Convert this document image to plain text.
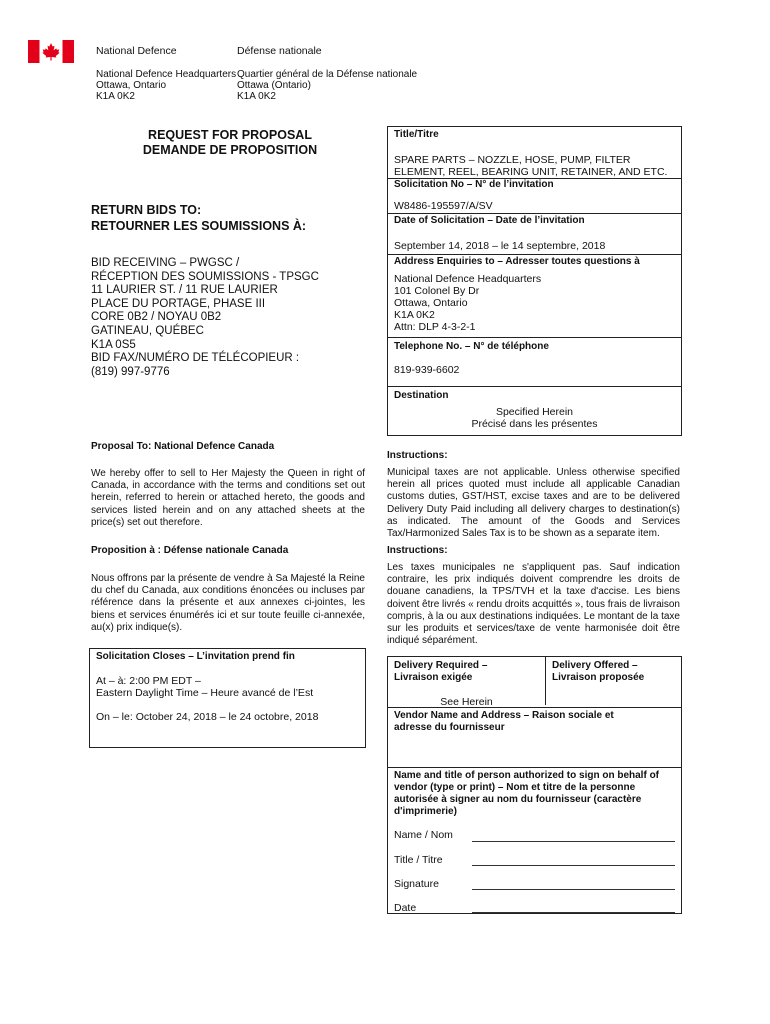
National Defence	Défense nationale
National Defence Headquarters
Ottawa, Ontario
K1A 0K2
Quartier général de la Défense nationale
Ottawa (Ontario)
K1A 0K2
REQUEST FOR PROPOSAL
DEMANDE DE PROPOSITION
RETURN BIDS TO:
RETOURNER LES SOUMISSIONS À:
BID RECEIVING – PWGSC /
RÉCEPTION DES SOUMISSIONS - TPSGC
11 LAURIER ST. / 11 RUE LAURIER
PLACE DU PORTAGE, PHASE III
CORE 0B2 / NOYAU 0B2
GATINEAU, QUÉBEC
K1A 0S5
BID FAX/NUMÉRO DE TÉLÉCOPIEUR :
(819) 997-9776
Title/Titre
SPARE PARTS – NOZZLE, HOSE, PUMP, FILTER ELEMENT, REEL, BEARING UNIT, RETAINER, AND ETC.
Solicitation No – N° de l’invitation
W8486-195597/A/SV
Date of Solicitation – Date de l’invitation
September 14, 2018 – le 14 septembre, 2018
Address Enquiries to – Adresser toutes questions à
National Defence Headquarters
101 Colonel By Dr
Ottawa, Ontario
K1A 0K2
Attn: DLP 4-3-2-1
Telephone No. – N° de téléphone
819-939-6602
Destination
Specified Herein
Précisé dans les présentes
Proposal To: National Defence Canada
We hereby offer to sell to Her Majesty the Queen in right of Canada, in accordance with the terms and conditions set out herein, referred to herein or attached hereto, the goods and services listed herein and on any attached sheets at the price(s) set out therefore.
Proposition à : Défense nationale Canada
Nous offrons par la présente de vendre à Sa Majesté la Reine du chef du Canada, aux conditions énoncées ou incluses par référence dans la présente et aux annexes ci-jointes, les biens et services énumérés ici et sur toute feuille ci-annexée, au(x) prix indique(s).
Solicitation Closes – L’invitation prend fin
At – à: 2:00 PM EDT –
Eastern Daylight Time – Heure avancé de l’Est
On – le: October 24, 2018 – le 24 octobre, 2018
Instructions:
Municipal taxes are not applicable. Unless otherwise specified herein all prices quoted must include all applicable Canadian customs duties, GST/HST, excise taxes and are to be delivered Delivery Duty Paid including all delivery charges to destination(s) as indicated. The amount of the Goods and Services Tax/Harmonized Sales Tax is to be shown as a separate item.
Instructions:
Les taxes municipales ne s'appliquent pas. Sauf indication contraire, les prix indiqués doivent comprendre les droits de douane canadiens, la TPS/TVH et la taxe d'accise. Les biens doivent être livrés « rendu droits acquittés », tous frais de livraison compris, à la ou aux destinations indiquées. Le montant de la taxe sur les produits et services/taxe de vente harmonisée doit être indiqué séparément.
Delivery Required – Livraison exigée
Delivery Offered – Livraison proposée
See Herein
Vendor Name and Address – Raison sociale et adresse du fournisseur
Name and title of person authorized to sign on behalf of vendor (type or print) – Nom et titre de la personne autorisée à signer au nom du fournisseur (caractère d'imprimerie)
Name / Nom
Title / Titre
Signature
Date
